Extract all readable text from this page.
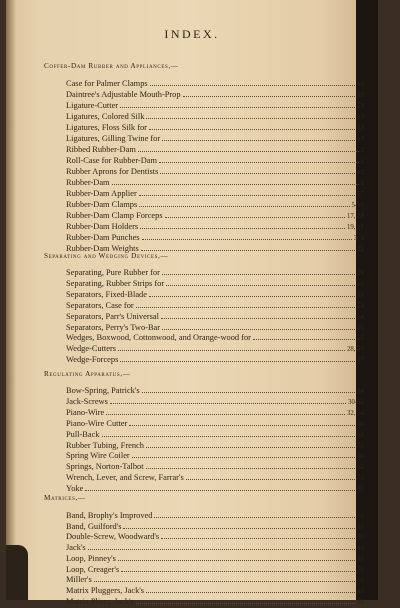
INDEX.
Coffer-Dam Rubber and Appliances,—
Case for Palmer Clamps	10
Daintree's Adjustable Mouth-Prop	20
Ligature-Cutter	23
Ligatures, Colored Silk	23
Ligatures, Floss Silk for	23
Ligatures, Gilling Twine for	23
Ribbed Rubber-Dam	2
Roll-Case for Rubber-Dam	2
Rubber Aprons for Dentists	22
Rubber-Dam	1
Rubber-Dam Applier	17
Rubber-Dam Clamps	5-16
Rubber-Dam Clamp Forceps	17, 18
Rubber-Dam Holders	19, 21
Rubber-Dam Punches	3, 4
Rubber-Dam Weights	22
Separating and Wedging Devices,—
Separating, Pure Rubber for	26
Separating, Rubber Strips for	26
Separators, Fixed-Blade	26
Separators, Case for	24
Separators, Parr's Universal	24
Separators, Perry's Two-Bar	25
Wedges, Boxwood, Cottonwood, and Orange-wood for	26
Wedge-Cutters	28, 29
Wedge-Forceps	27
Regulating Apparatus,—
Bow-Spring, Patrick's	34
Jack-Screws	30-32
Piano-Wire	32, 34
Piano-Wire Cutter	36
Pull-Back	31
Rubber Tubing, French	35
Spring Wire Coiler	36
Springs, Norton-Talbot	32
Wrench, Lever, and Screw, Farrar's	33
Yoke	35
Matrices,—
Band, Brophy's Improved	38
Band, Guilford's	37
Double-Screw, Woodward's	39
Jack's	40
Loop, Pinney's	37
Loop, Creager's	39
Miller's	38
Matrix Pluggers, Jack's	40
Matrix Pliers, Jack's	40
